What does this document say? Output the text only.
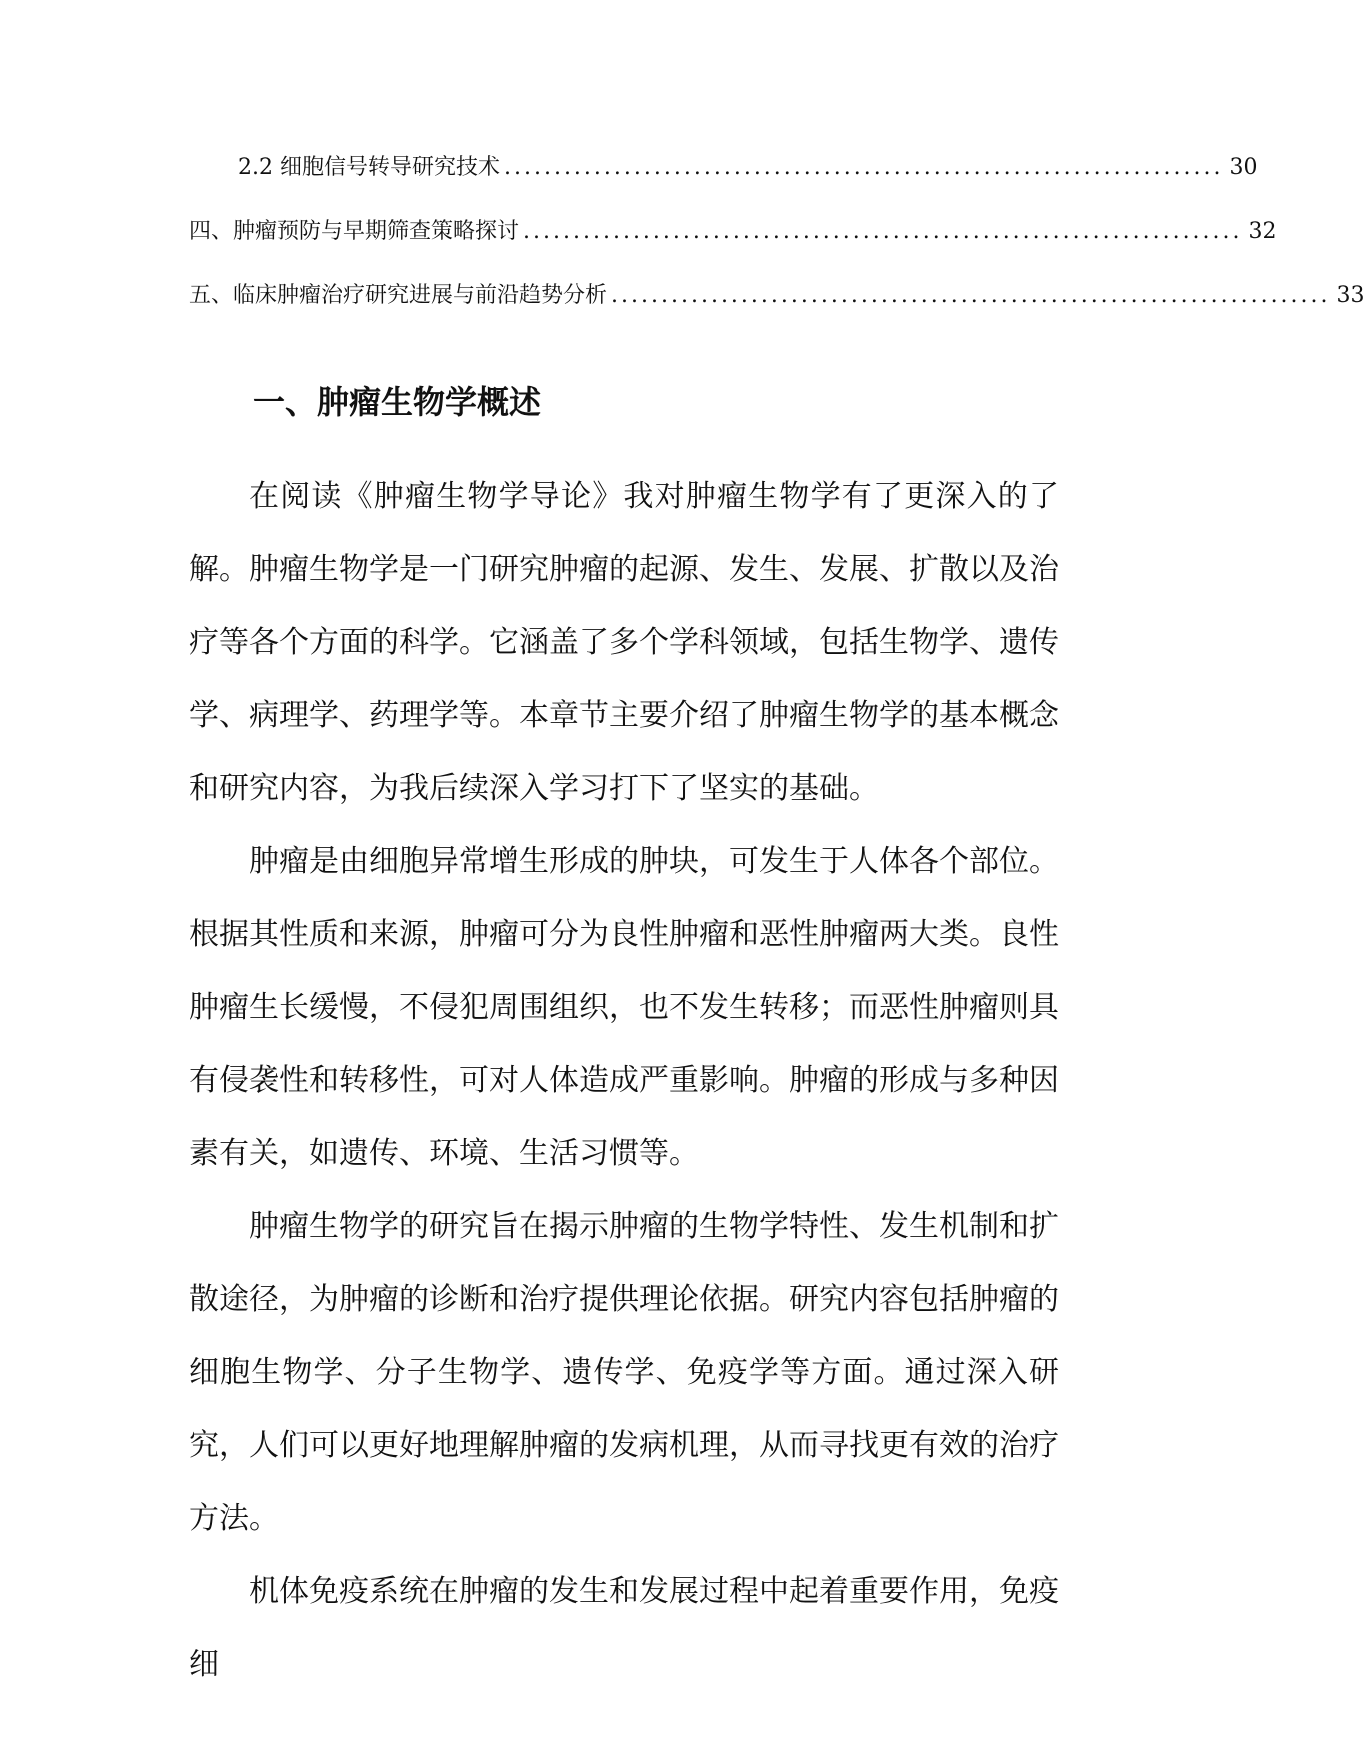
2.2 细胞信号转导研究技术 ........................................................................ 30
四、肿瘤预防与早期筛查策略探讨 ........................................................................ 32
五、临床肿瘤治疗研究进展与前沿趋势分析 ........................................................................ 33
一、肿瘤生物学概述

在阅读《肿瘤生物学导论》我对肿瘤生物学有了更深入的了解。肿瘤生物学是一门研究肿瘤的起源、发生、发展、扩散以及治疗等各个方面的科学。它涵盖了多个学科领域，包括生物学、遗传学、病理学、药理学等。本章节主要介绍了肿瘤生物学的基本概念和研究内容，为我后续深入学习打下了坚实的基础。

肿瘤是由细胞异常增生形成的肿块，可发生于人体各个部位。根据其性质和来源，肿瘤可分为良性肿瘤和恶性肿瘤两大类。良性肿瘤生长缓慢，不侵犯周围组织，也不发生转移；而恶性肿瘤则具有侵袭性和转移性，可对人体造成严重影响。肿瘤的形成与多种因素有关，如遗传、环境、生活习惯等。

肿瘤生物学的研究旨在揭示肿瘤的生物学特性、发生机制和扩散途径，为肿瘤的诊断和治疗提供理论依据。研究内容包括肿瘤的细胞生物学、分子生物学、遗传学、免疫学等方面。通过深入研究，人们可以更好地理解肿瘤的发病机理，从而寻找更有效的治疗方法。

机体免疫系统在肿瘤的发生和发展过程中起着重要作用，免疫细
